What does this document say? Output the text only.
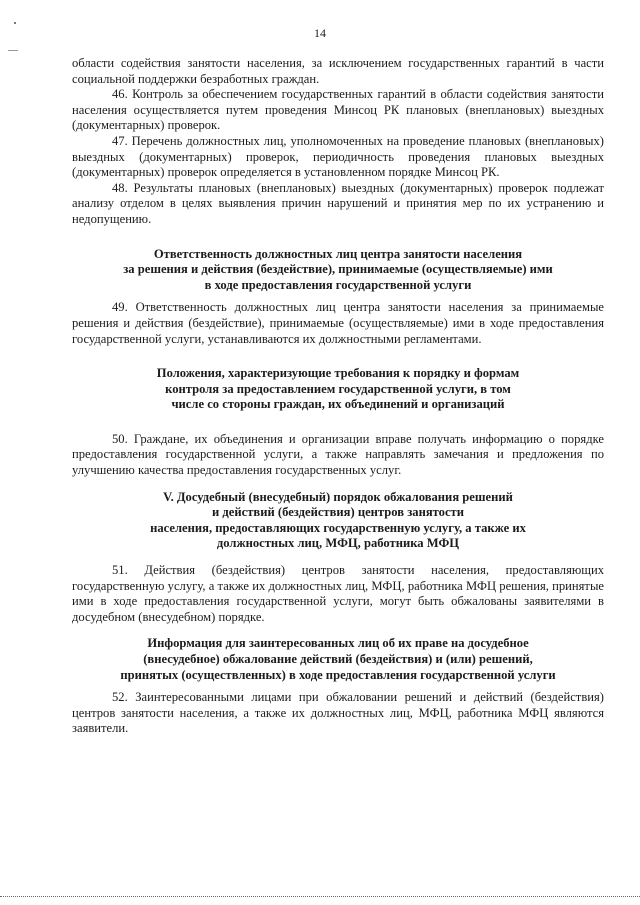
14

области содействия занятости населения, за исключением государственных гарантий в части социальной поддержки безработных граждан.

46. Контроль за обеспечением государственных гарантий в области содействия занятости населения осуществляется путем проведения Минсоц РК плановых (внеплановых) выездных (документарных) проверок.

47. Перечень должностных лиц, уполномоченных на проведение плановых (внеплановых) выездных (документарных) проверок, периодичность проведения плановых выездных (документарных) проверок определяется в установленном порядке Минсоц РК.

48. Результаты плановых (внеплановых) выездных (документарных) проверок подлежат анализу отделом в целях выявления причин нарушений и принятия мер по их устранению и недопущению.

Ответственность должностных лиц центра занятости населения
за решения и действия (бездействие), принимаемые (осуществляемые) ими
в ходе предоставления государственной услуги

49. Ответственность должностных лиц центра занятости населения за принимаемые решения и действия (бездействие), принимаемые (осуществляемые) ими в ходе предоставления государственной услуги, устанавливаются их должностными регламентами.

Положения, характеризующие требования к порядку и формам
контроля за предоставлением государственной услуги, в том
числе со стороны граждан, их объединений и организаций

50. Граждане, их объединения и организации вправе получать информацию о порядке предоставления государственной услуги, а также направлять замечания и предложения по улучшению качества предоставления государственных услуг.

V. Досудебный (внесудебный) порядок обжалования решений
и действий (бездействия) центров занятости
населения, предоставляющих государственную услугу, а также их
должностных лиц, МФЦ, работника МФЦ

51. Действия (бездействия) центров занятости населения, предоставляющих государственную услугу, а также их должностных лиц, МФЦ, работника МФЦ решения, принятые ими в ходе предоставления государственной услуги, могут быть обжалованы заявителями в досудебном (внесудебном) порядке.

Информация для заинтересованных лиц об их праве на досудебное
(внесудебное) обжалование действий (бездействия) и (или) решений,
принятых (осуществленных) в ходе предоставления государственной услуги

52. Заинтересованными лицами при обжаловании решений и действий (бездействия) центров занятости населения, а также их должностных лиц, МФЦ, работника МФЦ являются заявители.
